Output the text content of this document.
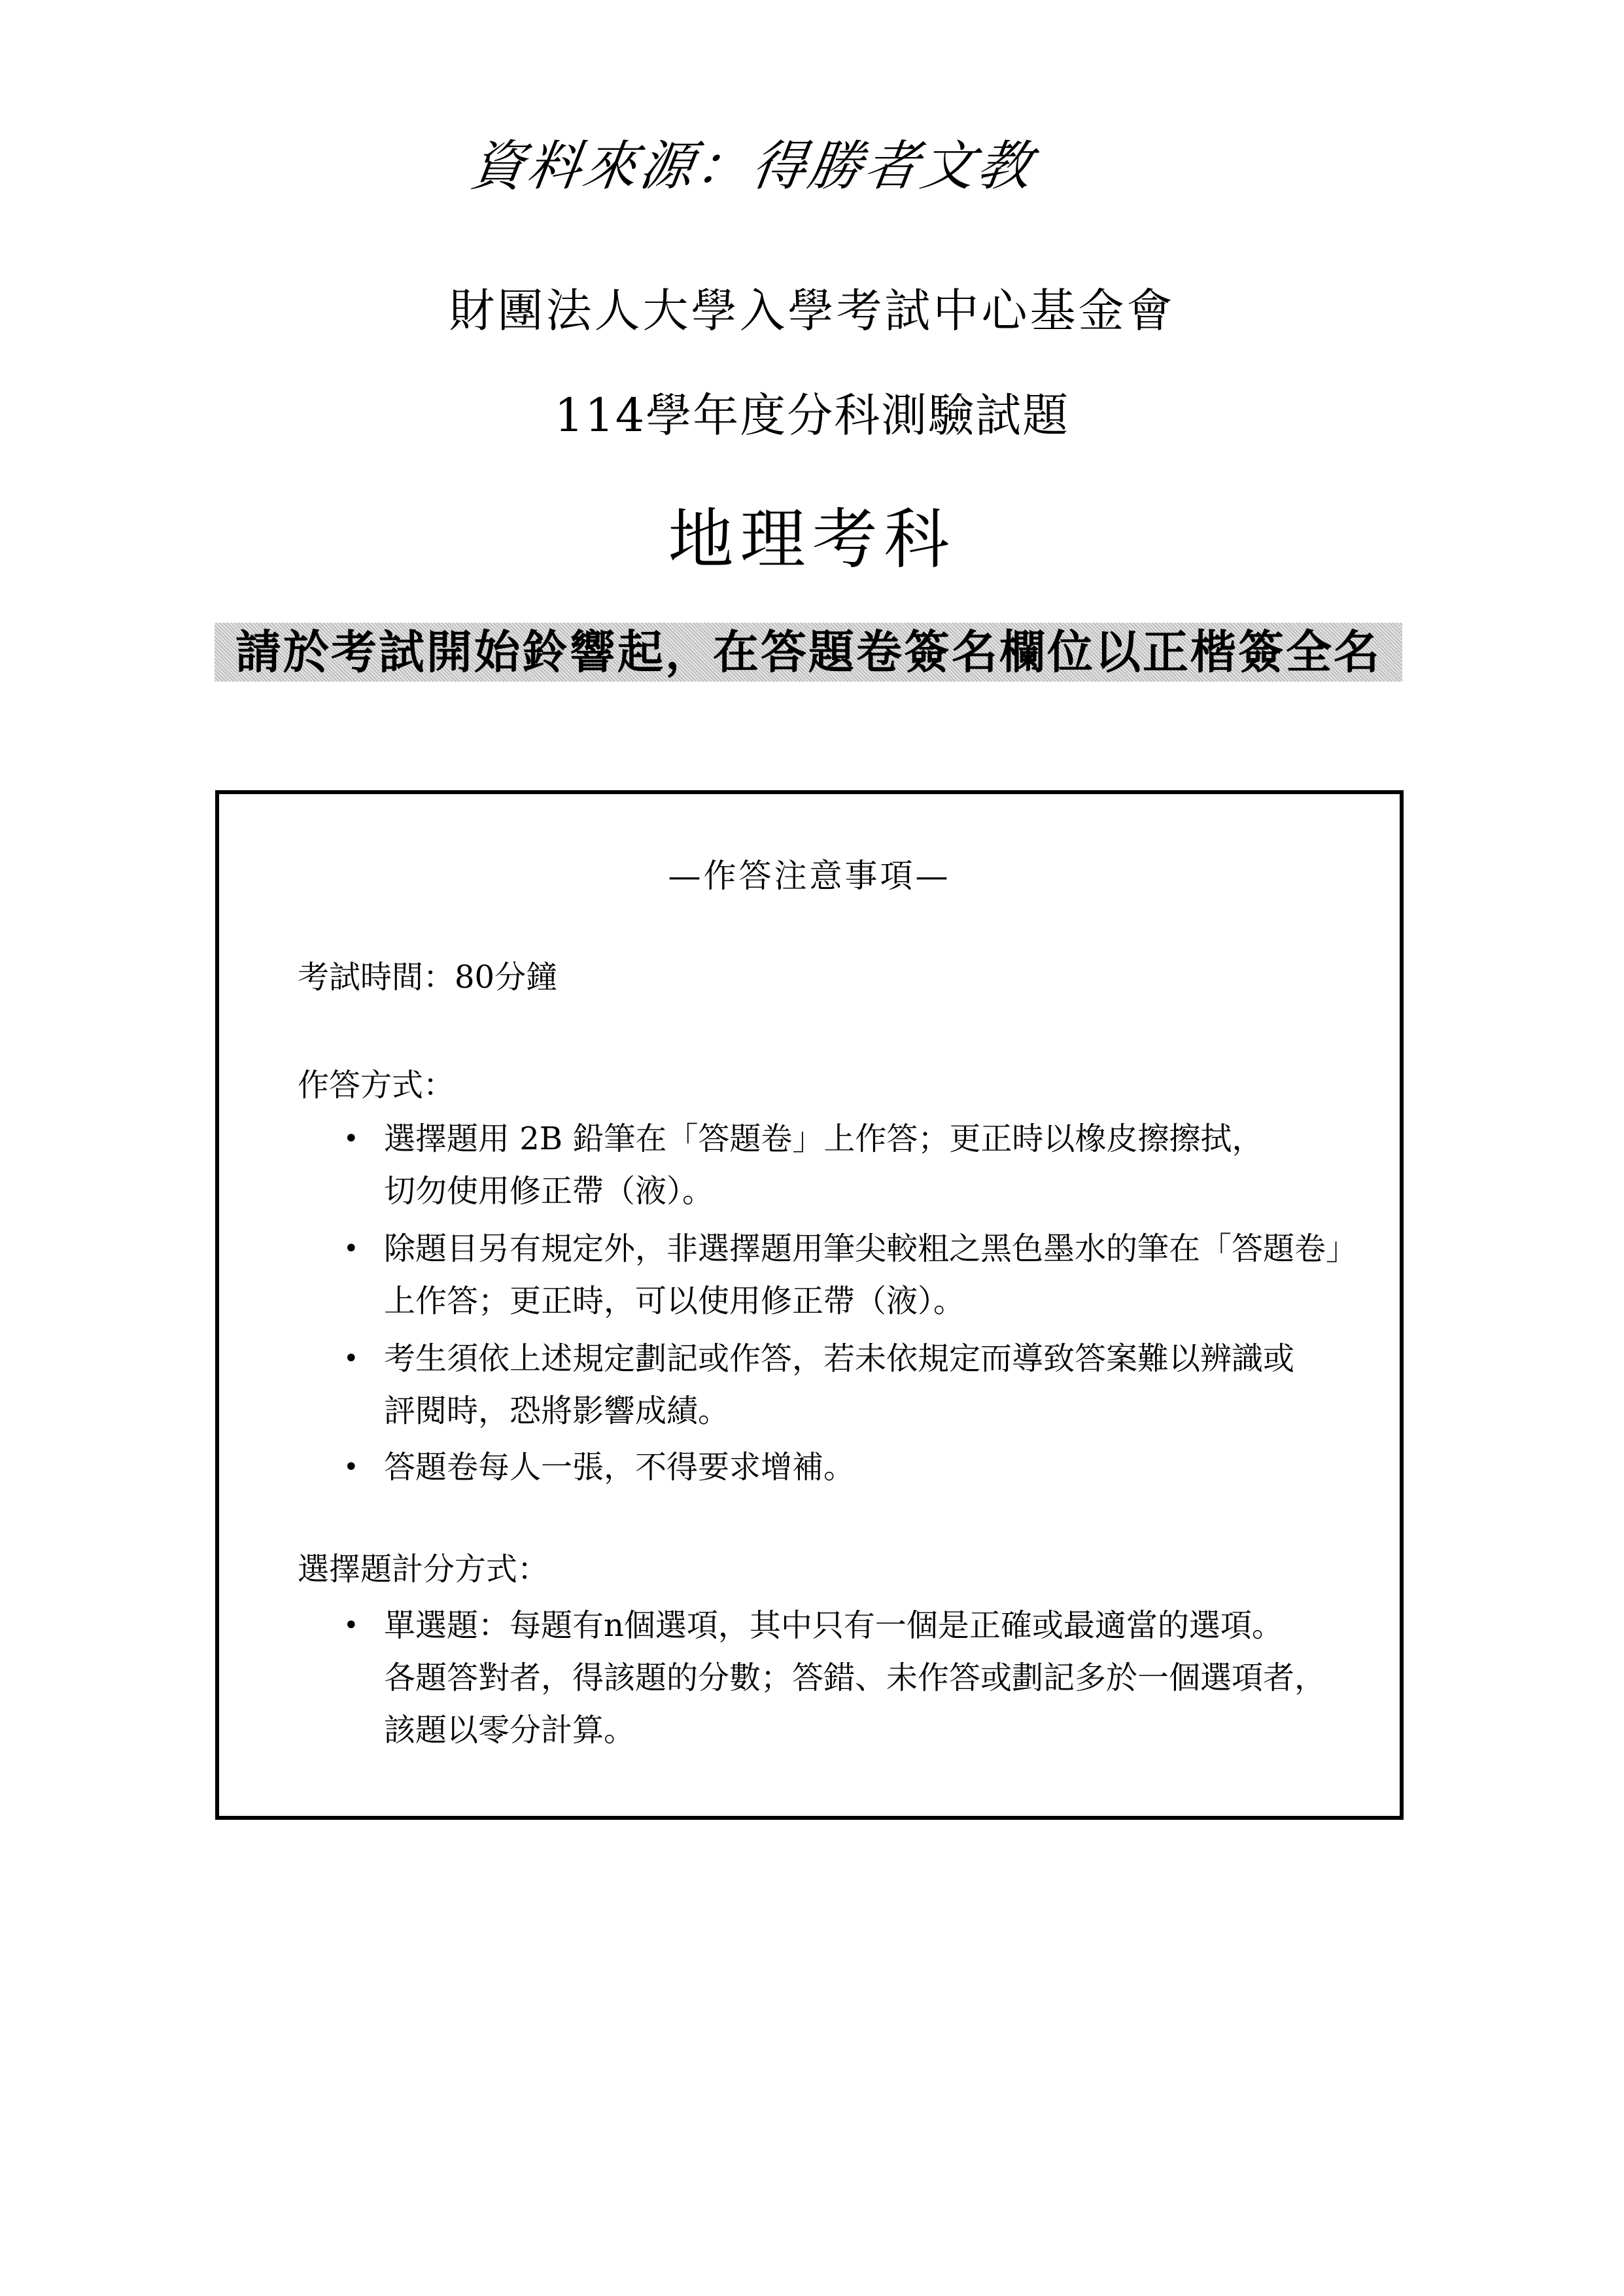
資料來源：得勝者文教
財團法人大學入學考試中心基金會
114學年度分科測驗試題
地理考科
請於考試開始鈴響起，在答題卷簽名欄位以正楷簽全名
—作答注意事項—
考試時間：80分鐘
作答方式：
• 選擇題用 2B 鉛筆在「答題卷」上作答；更正時以橡皮擦擦拭，
切勿使用修正帶（液）。
• 除題目另有規定外，非選擇題用筆尖較粗之黑色墨水的筆在「答題卷」
上作答；更正時，可以使用修正帶（液）。
• 考生須依上述規定劃記或作答，若未依規定而導致答案難以辨識或
評閱時，恐將影響成績。
• 答題卷每人一張，不得要求增補。
選擇題計分方式：
• 單選題：每題有n個選項，其中只有一個是正確或最適當的選項。
各題答對者，得該題的分數；答錯、未作答或劃記多於一個選項者，
該題以零分計算。
